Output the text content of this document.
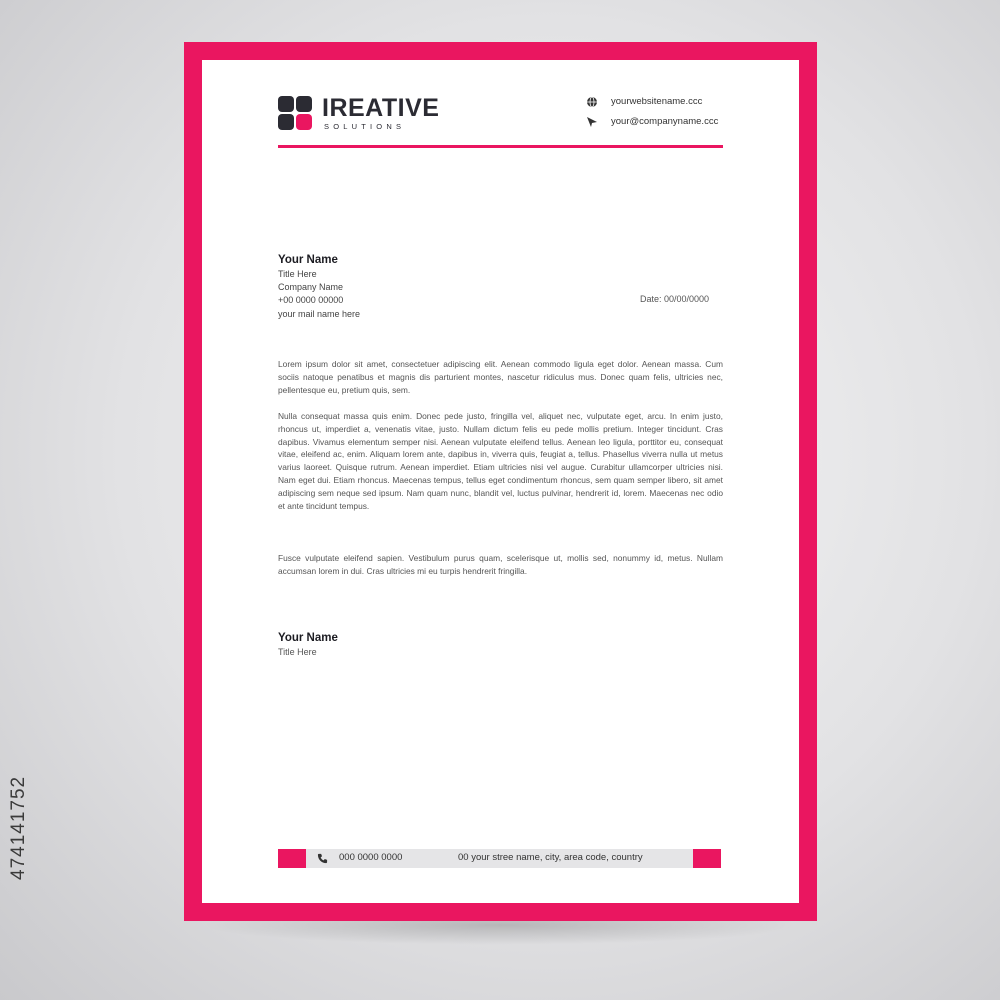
IREATIVE
SOLUTIONS
yourwebsitename.ccc
your@companyname.ccc
Your Name
Title Here
Company Name
+00 0000 00000
your mail name here
Date: 00/00/0000
Lorem ipsum dolor sit amet, consectetuer adipiscing elit. Aenean commodo ligula eget dolor. Aenean massa. Cum sociis natoque penatibus et magnis dis parturient montes, nascetur ridiculus mus. Donec quam felis, ultricies nec, pellentesque eu, pretium quis, sem.
Nulla consequat massa quis enim. Donec pede justo, fringilla vel, aliquet nec, vulputate eget, arcu. In enim justo, rhoncus ut, imperdiet a, venenatis vitae, justo. Nullam dictum felis eu pede mollis pretium. Integer tincidunt. Cras dapibus. Vivamus elementum semper nisi. Aenean vulputate eleifend tellus. Aenean leo ligula, porttitor eu, consequat vitae, eleifend ac, enim. Aliquam lorem ante, dapibus in, viverra quis, feugiat a, tellus. Phasellus viverra nulla ut metus varius laoreet. Quisque rutrum. Aenean imperdiet. Etiam ultricies nisi vel augue. Curabitur ullamcorper ultricies nisi. Nam eget dui. Etiam rhoncus. Maecenas tempus, tellus eget condimentum rhoncus, sem quam semper libero, sit amet adipiscing sem neque sed ipsum. Nam quam nunc, blandit vel, luctus pulvinar, hendrerit id, lorem. Maecenas nec odio et ante tincidunt tempus.
Fusce vulputate eleifend sapien. Vestibulum purus quam, scelerisque ut, mollis sed, nonummy id, metus. Nullam accumsan lorem in dui. Cras ultricies mi eu turpis hendrerit fringilla.
Your Name
Title Here
000 0000 0000	00 your stree name, city, area code, country
474141752
